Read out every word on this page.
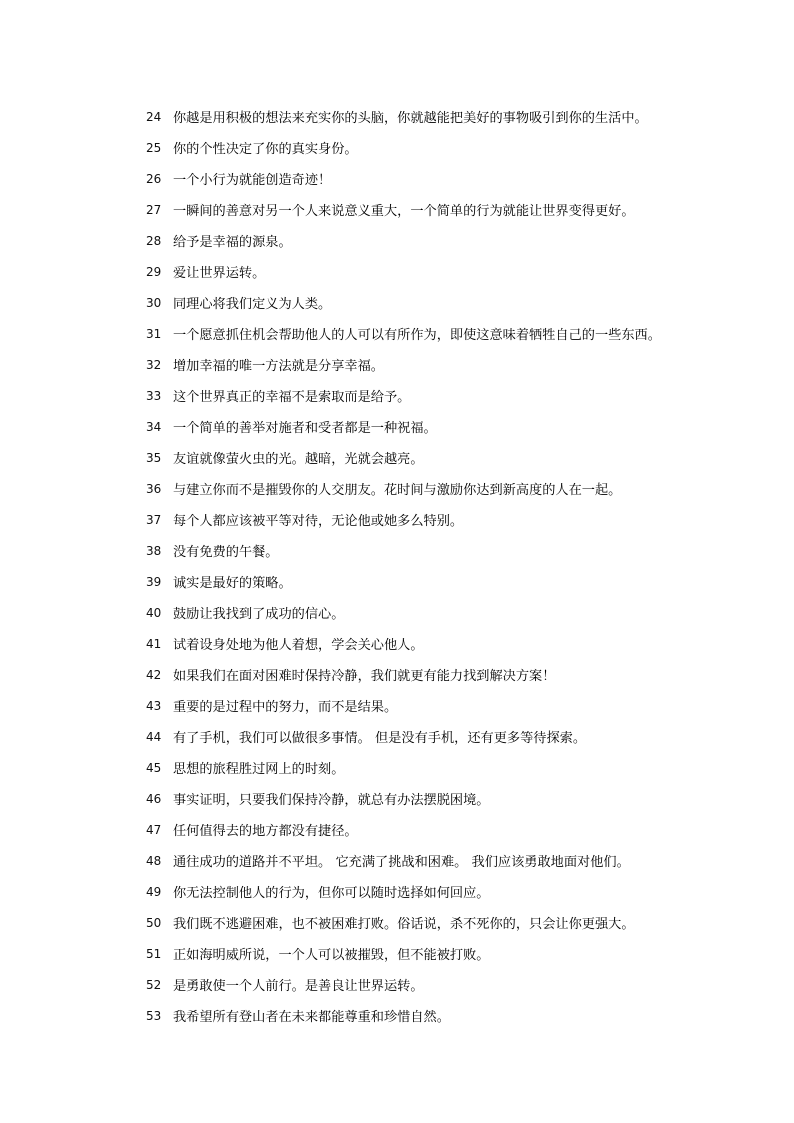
24 你越是用积极的想法来充实你的头脑，你就越能把美好的事物吸引到你的生活中。
25 你的个性决定了你的真实身份。
26 一个小行为就能创造奇迹！
27 一瞬间的善意对另一个人来说意义重大，一个简单的行为就能让世界变得更好。
28 给予是幸福的源泉。
29 爱让世界运转。
30 同理心将我们定义为人类。
31 一个愿意抓住机会帮助他人的人可以有所作为，即使这意味着牺牲自己的一些东西。
32 增加幸福的唯一方法就是分享幸福。
33 这个世界真正的幸福不是索取而是给予。
34 一个简单的善举对施者和受者都是一种祝福。
35 友谊就像萤火虫的光。越暗，光就会越亮。
36 与建立你而不是摧毁你的人交朋友。花时间与激励你达到新高度的人在一起。
37 每个人都应该被平等对待，无论他或她多么特别。
38 没有免费的午餐。
39 诚实是最好的策略。
40 鼓励让我找到了成功的信心。
41 试着设身处地为他人着想，学会关心他人。
42 如果我们在面对困难时保持冷静，我们就更有能力找到解决方案！
43 重要的是过程中的努力，而不是结果。
44 有了手机，我们可以做很多事情。 但是没有手机，还有更多等待探索。
45 思想的旅程胜过网上的时刻。
46 事实证明，只要我们保持冷静，就总有办法摆脱困境。
47 任何值得去的地方都没有捷径。
48 通往成功的道路并不平坦。 它充满了挑战和困难。 我们应该勇敢地面对他们。
49 你无法控制他人的行为，但你可以随时选择如何回应。
50 我们既不逃避困难，也不被困难打败。俗话说，杀不死你的，只会让你更强大。
51 正如海明威所说，一个人可以被摧毁，但不能被打败。
52 是勇敢使一个人前行。是善良让世界运转。
53 我希望所有登山者在未来都能尊重和珍惜自然。
